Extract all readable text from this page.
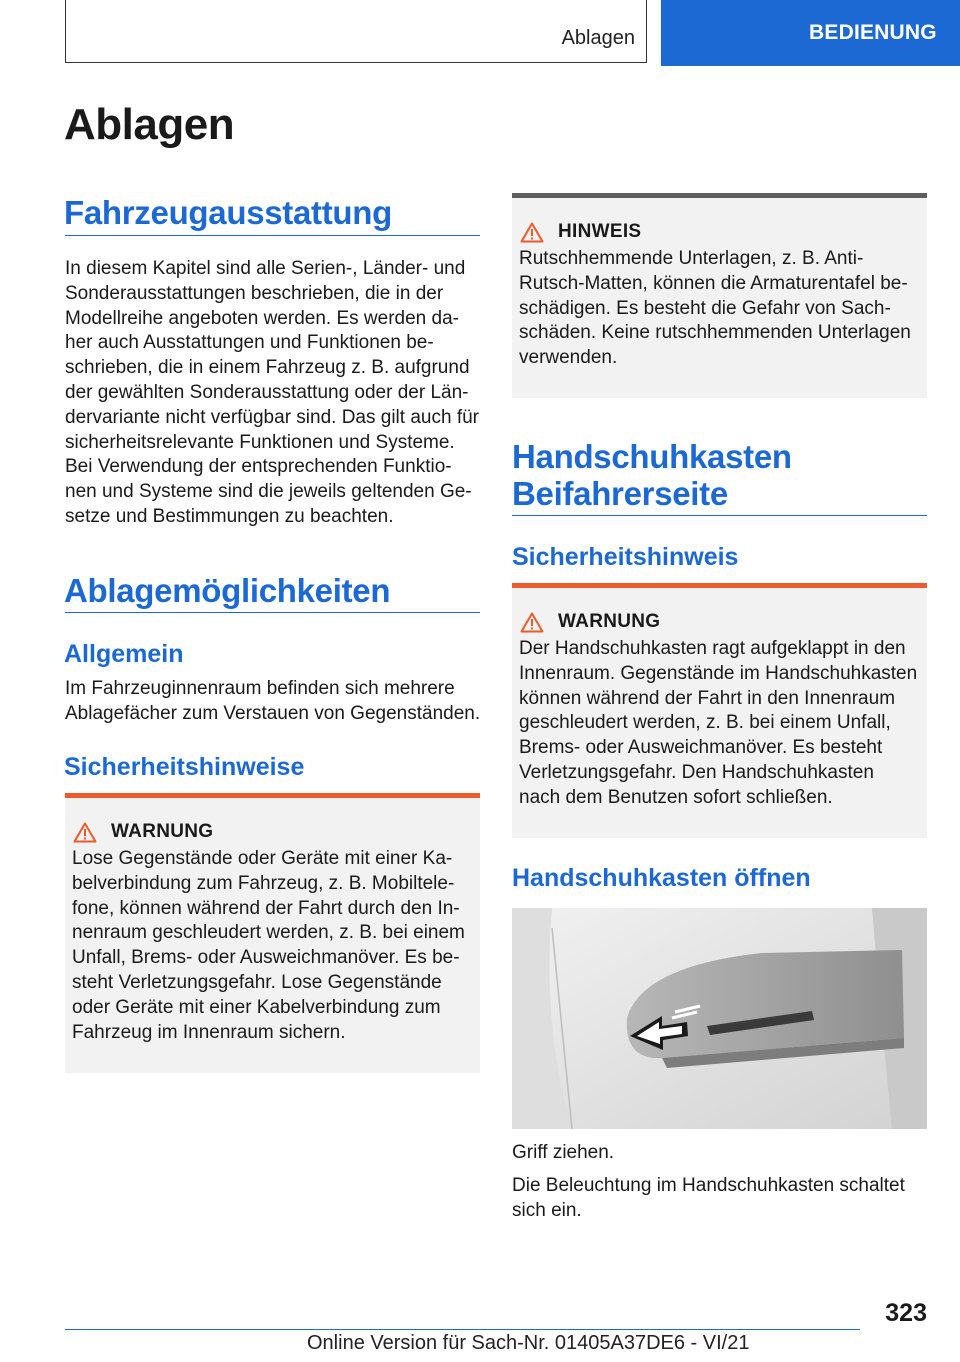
Ablagen	BEDIENUNG
Ablagen
Fahrzeugausstattung

In diesem Kapitel sind alle Serien-, Länder- und

Sonderausstattungen beschrieben, die in der

Modellreihe angeboten werden. Es werden da-

her auch Ausstattungen und Funktionen be-

schrieben, die in einem Fahrzeug z. B. aufgrund

der gewählten Sonderausstattung oder der Län-

dervariante nicht verfügbar sind. Das gilt auch für

sicherheitsrelevante Funktionen und Systeme.

Bei Verwendung der entsprechenden Funktio-

nen und Systeme sind die jeweils geltenden Ge-

setze und Bestimmungen zu beachten.

Ablagemöglichkeiten
Allgemein

Im Fahrzeuginnenraum befinden sich mehrere

Ablagefächer zum Verstauen von Gegenständen.

Sicherheitshinweise
WARNUNG

Lose Gegenstände oder Geräte mit einer Ka-

belverbindung zum Fahrzeug, z. B. Mobiltele-

fone, können während der Fahrt durch den In-

nenraum geschleudert werden, z. B. bei einem

Unfall, Brems- oder Ausweichmanöver. Es be-

steht Verletzungsgefahr. Lose Gegenstände

oder Geräte mit einer Kabelverbindung zum

Fahrzeug im Innenraum sichern.

HINWEIS

Rutschhemmende Unterlagen, z. B. Anti-

Rutsch-Matten, können die Armaturentafel be-

schädigen. Es besteht die Gefahr von Sach-

schäden. Keine rutschhemmenden Unterlagen

verwenden.

Handschuhkasten
Beifahrerseite
Sicherheitshinweis
WARNUNG

Der Handschuhkasten ragt aufgeklappt in den

Innenraum. Gegenstände im Handschuhkasten

können während der Fahrt in den Innenraum

geschleudert werden, z. B. bei einem Unfall,

Brems- oder Ausweichmanöver. Es besteht

Verletzungsgefahr. Den Handschuhkasten

nach dem Benutzen sofort schließen.

Handschuhkasten öffnen
Griff ziehen.

Die Beleuchtung im Handschuhkasten schaltet

sich ein.

323
Online Version für Sach-Nr. 01405A37DE6 - VI/21
